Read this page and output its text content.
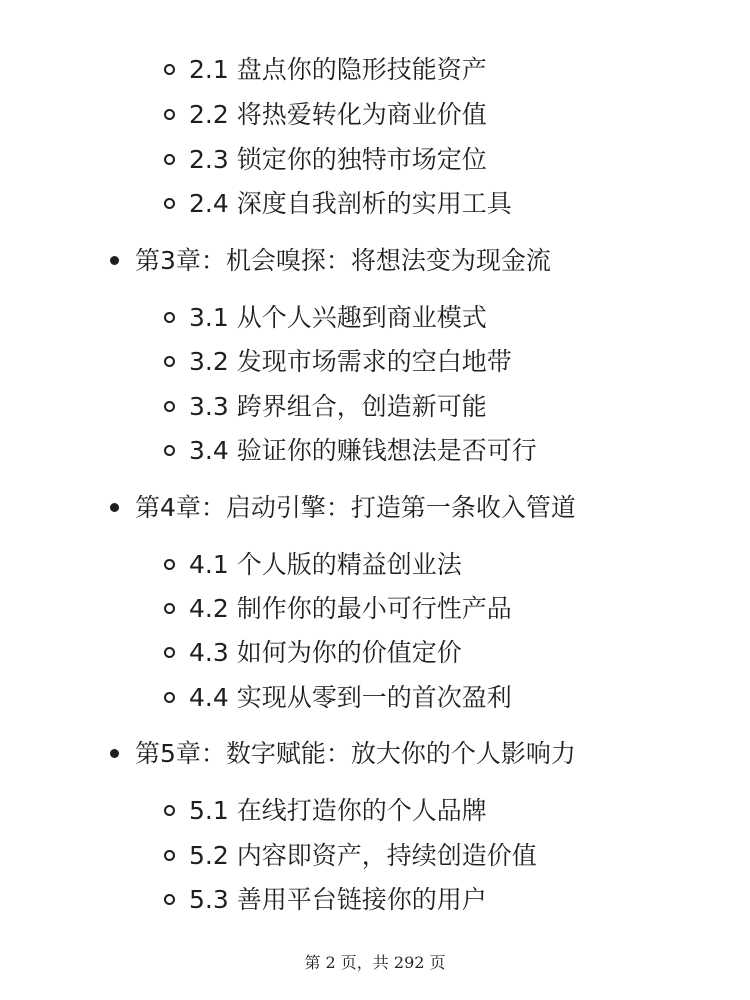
2.1 盘点你的隐形技能资产
2.2 将热爱转化为商业价值
2.3 锁定你的独特市场定位
2.4 深度自我剖析的实用工具
第3章：机会嗅探：将想法变为现金流
3.1 从个人兴趣到商业模式
3.2 发现市场需求的空白地带
3.3 跨界组合，创造新可能
3.4 验证你的赚钱想法是否可行
第4章：启动引擎：打造第一条收入管道
4.1 个人版的精益创业法
4.2 制作你的最小可行性产品
4.3 如何为你的价值定价
4.4 实现从零到一的首次盈利
第5章：数字赋能：放大你的个人影响力
5.1 在线打造你的个人品牌
5.2 内容即资产，持续创造价值
5.3 善用平台链接你的用户
第 2 页，共 292 页
